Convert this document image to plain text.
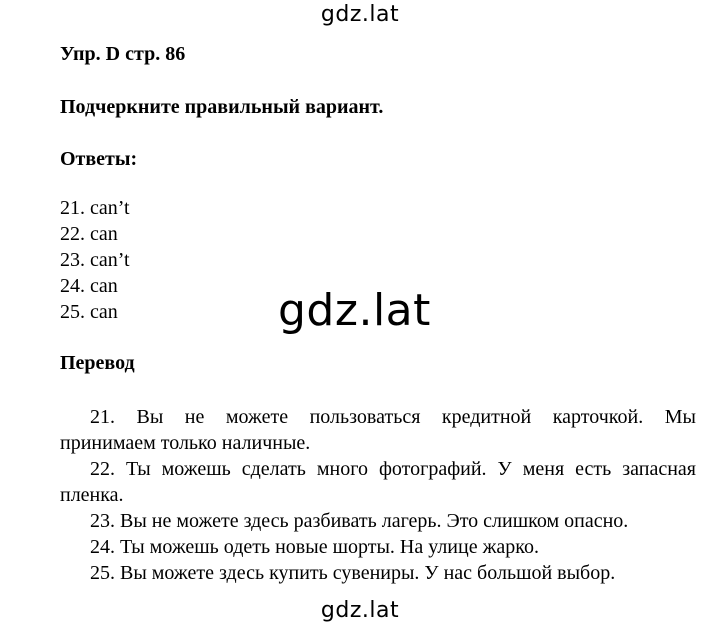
gdz.lat
Упр. D стр. 86
Подчеркните правильный вариант.
Ответы:
21. can’t
22. can
23. can’t
24. can
25. can	gdz.lat
Перевод
21. Вы не можете пользоваться кредитной карточкой. Мы

принимаем только наличные.

22. Ты можешь сделать много фотографий. У меня есть запасная

пленка.

23. Вы не можете здесь разбивать лагерь. Это слишком опасно.

24. Ты можешь одеть новые шорты. На улице жарко.

25. Вы можете здесь купить сувениры. У нас большой выбор.

gdz.lat
